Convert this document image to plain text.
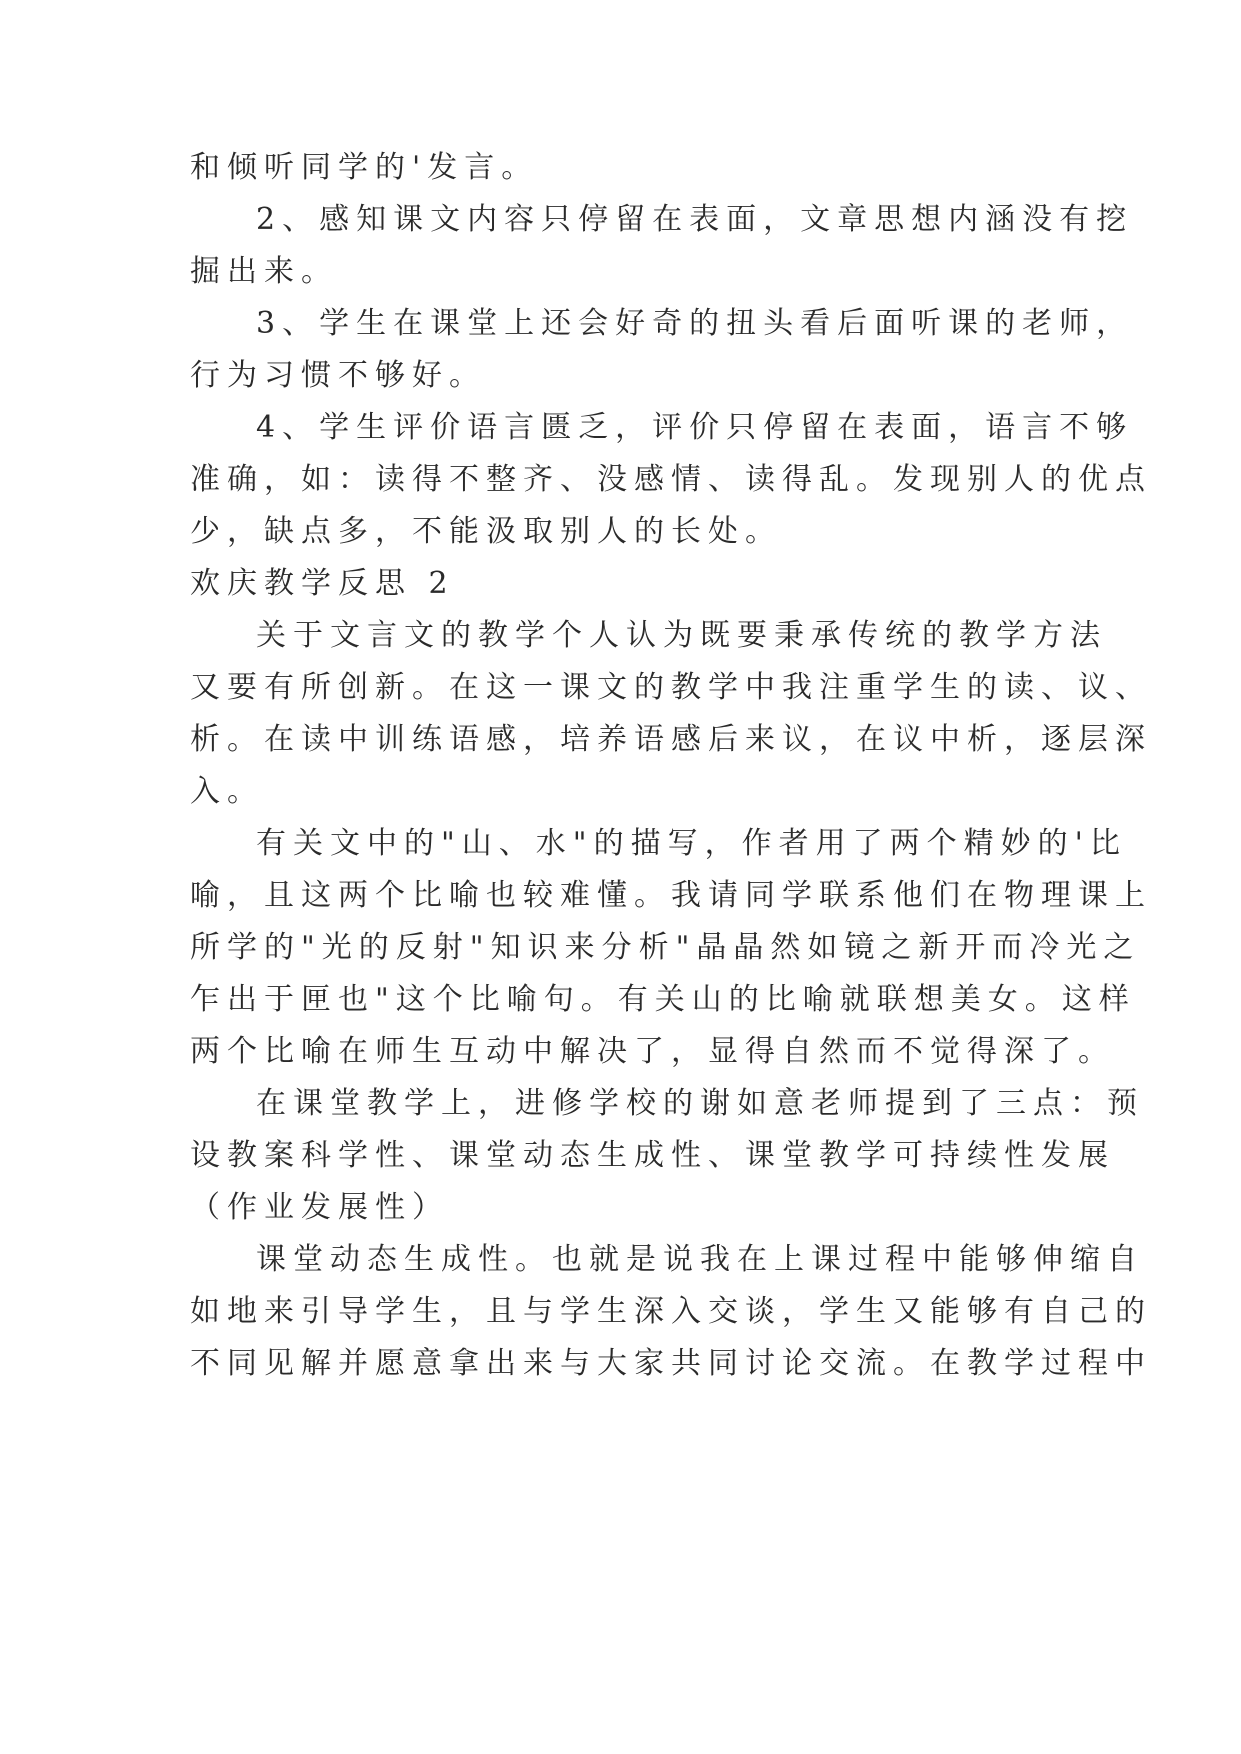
和倾听同学的'发言。
2、感知课文内容只停留在表面，文章思想内涵没有挖
掘出来。
3、学生在课堂上还会好奇的扭头看后面听课的老师，
行为习惯不够好。
4、学生评价语言匮乏，评价只停留在表面，语言不够
准确，如：读得不整齐、没感情、读得乱。发现别人的优点
少，缺点多，不能汲取别人的长处。
欢庆教学反思 2
关于文言文的教学个人认为既要秉承传统的教学方法
又要有所创新。在这一课文的教学中我注重学生的读、议、
析。在读中训练语感，培养语感后来议，在议中析，逐层深
入。
有关文中的"山、水"的描写，作者用了两个精妙的'比
喻，且这两个比喻也较难懂。我请同学联系他们在物理课上
所学的"光的反射"知识来分析"晶晶然如镜之新开而冷光之
乍出于匣也"这个比喻句。有关山的比喻就联想美女。这样
两个比喻在师生互动中解决了，显得自然而不觉得深了。
在课堂教学上，进修学校的谢如意老师提到了三点：预
设教案科学性、课堂动态生成性、课堂教学可持续性发展
（作业发展性）
课堂动态生成性。也就是说我在上课过程中能够伸缩自
如地来引导学生，且与学生深入交谈，学生又能够有自己的
不同见解并愿意拿出来与大家共同讨论交流。在教学过程中
